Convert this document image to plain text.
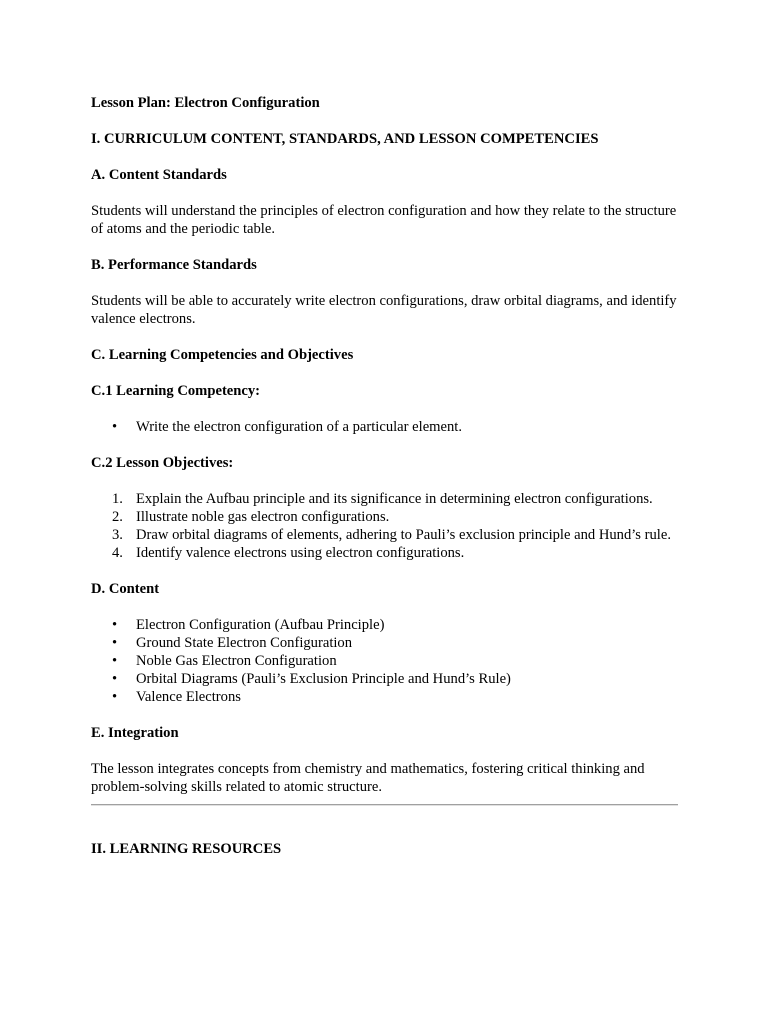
Lesson Plan: Electron Configuration

I. CURRICULUM CONTENT, STANDARDS, AND LESSON COMPETENCIES

A. Content Standards

Students will understand the principles of electron configuration and how they relate to the structure of atoms and the periodic table.

B. Performance Standards

Students will be able to accurately write electron configurations, draw orbital diagrams, and identify valence electrons.

C. Learning Competencies and Objectives

C.1 Learning Competency:

• Write the electron configuration of a particular element.

C.2 Lesson Objectives:

1. Explain the Aufbau principle and its significance in determining electron configurations.
2. Illustrate noble gas electron configurations.
3. Draw orbital diagrams of elements, adhering to Pauli’s exclusion principle and Hund’s rule.
4. Identify valence electrons using electron configurations.

D. Content

• Electron Configuration (Aufbau Principle)
• Ground State Electron Configuration
• Noble Gas Electron Configuration
• Orbital Diagrams (Pauli’s Exclusion Principle and Hund’s Rule)
• Valence Electrons

E. Integration

The lesson integrates concepts from chemistry and mathematics, fostering critical thinking and problem-solving skills related to atomic structure.

II. LEARNING RESOURCES
